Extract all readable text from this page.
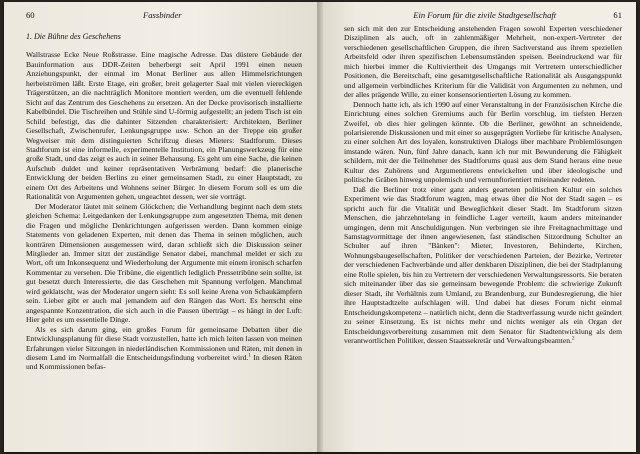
60	Fassbinder
1. Die Bühne des Geschehens

Wallstrasse Ecke Neue Roßstrasse. Eine magische Adresse. Das düstere Gebäude der Bauinformation aus DDR-Zeiten beherbergt seit April 1991 einen neuen Anziehungspunkt, der einmal im Monat Berliner aus allen Himmelsrichtungen herbeiströmen läßt. Erste Etage, ein großer, breit gelagerter Saal mit vielen viereckigen Trägerstützen, an die nachträglich Monitore montiert werden, um die eventuell fehlende Sicht auf das Zentrum des Geschehens zu ersetzen. An der Decke provisorisch installierte Kabelbündel. Die Tischreihen und Stühle sind U-förmig aufgestellt; an jedem Tisch ist ein Schild befestigt, das die dahinter Sitzenden charakterisiert: Architekten, Berliner Gesellschaft, Zwischenrufer, Lenkungsgruppe usw. Schon an der Treppe ein großer Wegweiser mit dem distinguierten Schriftzug dieses Mieters: Stadtforum. Dieses Stadtforum ist eine informelle, experimentelle Institution, ein Planungswerkzeug für eine große Stadt, und das zeigt es auch in seiner Behausung. Es geht um eine Sache, die keinen Aufschub duldet und keiner repräsentativen Verbrämung bedarf: die planerische Entwicklung der beiden Berlins zu einer gemeinsamen Stadt, zu einer Hauptstadt, zu einem Ort des Arbeitens und Wohnens seiner Bürger. In diesem Forum soll es um die Rationalität von Argumenten gehen, ungeachtet dessen, wer sie vorträgt.

Der Moderator läutet mit seinem Glöckchen; die Verhandlung beginnt nach dem stets gleichen Schema: Leitgedanken der Lenkungsgruppe zum angesetzten Thema, mit denen die Fragen und mögliche Denkrichtungen aufgerissen werden. Dann kommen einige Statements von geladenen Experten, mit denen das Thema in seinen möglichen, auch konträren Dimensionen ausgemessen wird, daran schließt sich die Diskussion seiner Mitglieder an. Immer sitzt der zuständige Senator dabei, manchmal meldet er sich zu Wort, oft um Inkonsequenz und Wiederholung der Argumente mit einem ironisch scharfen Kommentar zu versehen. Die Tribüne, die eigentlich lediglich Pressetribüne sein sollte, ist gut besetzt durch Interessierte, die das Geschehen mit Spannung verfolgen. Manchmal wird geklatscht, was der Moderator ungern sieht: Es soll keine Arena von Schaukämpfern sein. Lieber gibt er auch mal jemandem auf den Rängen das Wort. Es herrscht eine angespannte Konzentration, die sich auch in die Pausen überträgt – es hängt in der Luft: Hier geht es um essentielle Dinge.

Als es sich darum ging, ein großes Forum für gemeinsame Debatten über die Entwicklungsplanung für diese Stadt vorzustellen, hatte ich mich leiten lassen von meinen Erfahrungen vieler Sitzungen in niederländischen Kommissionen und Räten, mit denen in diesem Land im Normalfall die Entscheidungsfindung vorbereitet wird.$^1$ In diesen Räten und Kommissionen befas-

Ein Forum für die zivile Stadtgesellschaft	61

sen sich mit den zur Entscheidung anstehenden Fragen sowohl Experten verschiedener Disziplinen als auch, oft in zahlenmäßiger Mehrheit, non-expert-Vertreter der verschiedenen gesellschaftlichen Gruppen, die ihren Sachverstand aus ihrem speziellen Arbeitsfeld oder ihren spezifischen Lebensumständen speisen. Beeindruckend war für mich hierbei immer die Kultiviertheit des Umgangs mit Vertretern unterschiedlicher Positionen, die Bereitschaft, eine gesamtgesellschaftliche Rationalität als Ausgangspunkt und allgemein verbindliches Kriterium für die Validität von Argumenten zu nehmen, und der alles prägende Wille, zu einer konsensorientierten Lösung zu kommen.

Dennoch hatte ich, als ich 1990 auf einer Veranstaltung in der Französischen Kirche die Einrichtung eines solchen Gremiums auch für Berlin vorschlug, im tiefsten Herzen Zweifel, ob dies hier gelingen könnte. Ob die Berliner, gewöhnt an schneidende, polarisierende Diskussionen und mit einer so ausgeprägten Vorliebe für kritische Analysen, zu einer solchen Art des loyalen, konstruktiven Dialogs über machbare Problemlösungen imstande wären. Nun, fünf Jahre danach, kann ich nur mit Bewunderung die Fähigkeit schildern, mit der die Teilnehmer des Stadtforums quasi aus dem Stand heraus eine neue Kultur des Zuhörens und Argumentierens entwickelten und über ideologische und politische Gräben hinweg unpolemisch und vernunftorientiert miteinander redeten.

Daß die Berliner trotz einer ganz anders gearteten politischen Kultur ein solches Experiment wie das Stadtforum wagten, mag etwas über die Not der Stadt sagen – es spricht auch für die Vitalität und Beweglichkeit dieser Stadt. Im Stadtforum sitzen Menschen, die jahrzehntelang in feindliche Lager verteilt, kaum anders miteinander umgingen, denn mit Anschuldigungen. Nun verbringen sie ihre Freitagnachmittage und Samstagvormittage der ihnen angewiesenen, fast ständischen Sitzordnung Schulter an Schulter auf ihren "Bänken": Mieter, Investoren, Behinderte, Kirchen, Wohnungsbaugesellschaften, Politiker der verschiedenen Parteien, der Bezirke, Vertreter der verschiedenen Fachverbände und aller denkbaren Disziplinen, die bei der Stadtplanung eine Rolle spielen, bis hin zu Vertretern der verschiedenen Verwaltungsressorts. Sie beraten sich miteinander über das sie gemeinsam bewegende Problem: die schwierige Zukunft dieser Stadt, ihr Verhältnis zum Umland, zu Brandenburg, zur Bundesregierung, die hier ihre Hauptstadtzelte aufschlagen will. Und dabei hat dieses Forum nicht einmal Entscheidungskompetenz – natürlich nicht, denn die Stadtverfassung wurde nicht geändert zu seiner Einsetzung. Es ist nichts mehr und nichts weniger als ein Organ der Entscheidungsvorbereitung zusammen mit dem Senator für Stadtentwicklung als dem verantwortlichen Politiker, dessen Staatssekretär und Verwaltungsbeamten.$^2$
